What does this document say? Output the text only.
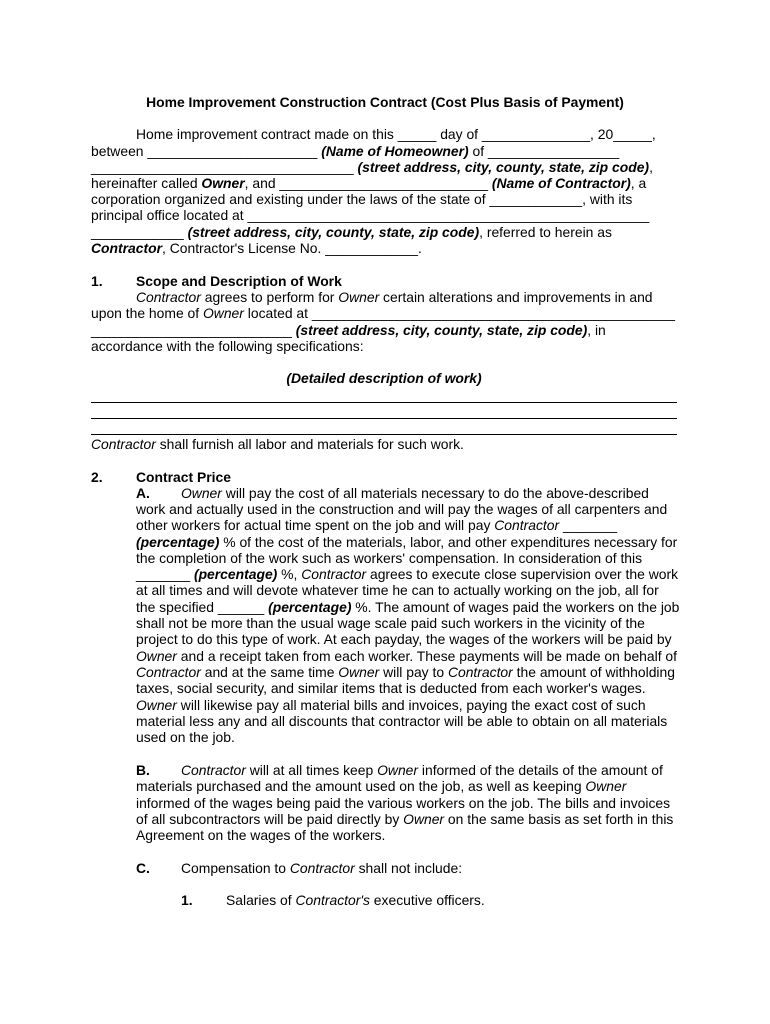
Home Improvement Construction Contract (Cost Plus Basis of Payment)
Home improvement contract made on this _____ day of ______________, 20_____,
between ______________________ (Name of Homeowner) of _________________
__________________________________ (street address, city, county, state, zip code),
hereinafter called Owner, and ___________________________ (Name of Contractor), a
corporation organized and existing under the laws of the state of ____________, with its
principal office located at ____________________________________________________
____________ (street address, city, county, state, zip code), referred to herein as
Contractor, Contractor's License No. ____________.
1. Scope and Description of Work
Contractor agrees to perform for Owner certain alterations and improvements in and
upon the home of Owner located at _______________________________________________
__________________________ (street address, city, county, state, zip code), in
accordance with the following specifications:
(Detailed description of work)
Contractor shall furnish all labor and materials for such work.
2. Contract Price
A. Owner will pay the cost of all materials necessary to do the above-described
work and actually used in the construction and will pay the wages of all carpenters and
other workers for actual time spent on the job and will pay Contractor _______
(percentage) % of the cost of the materials, labor, and other expenditures necessary for
the completion of the work such as workers' compensation. In consideration of this
_______ (percentage) %, Contractor agrees to execute close supervision over the work
at all times and will devote whatever time he can to actually working on the job, all for
the specified ______ (percentage) %. The amount of wages paid the workers on the job
shall not be more than the usual wage scale paid such workers in the vicinity of the
project to do this type of work. At each payday, the wages of the workers will be paid by
Owner and a receipt taken from each worker. These payments will be made on behalf of
Contractor and at the same time Owner will pay to Contractor the amount of withholding
taxes, social security, and similar items that is deducted from each worker's wages.
Owner will likewise pay all material bills and invoices, paying the exact cost of such
material less any and all discounts that contractor will be able to obtain on all materials
used on the job.
B. Contractor will at all times keep Owner informed of the details of the amount of
materials purchased and the amount used on the job, as well as keeping Owner
informed of the wages being paid the various workers on the job. The bills and invoices
of all subcontractors will be paid directly by Owner on the same basis as set forth in this
Agreement on the wages of the workers.
C. Compensation to Contractor shall not include:
1. Salaries of Contractor's executive officers.
